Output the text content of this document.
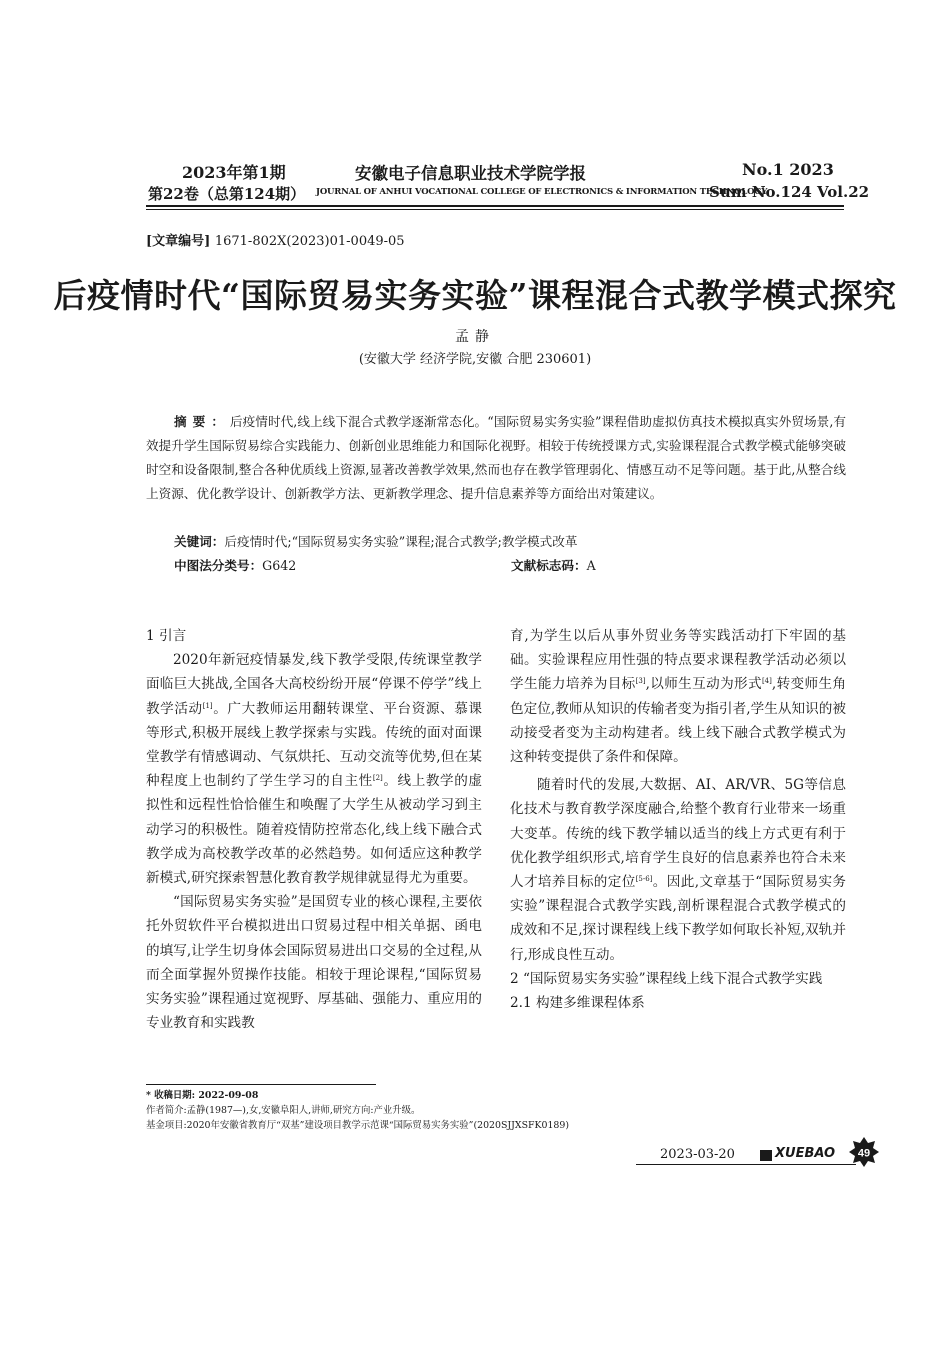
2023年第1期	安徽电子信息职业技术学院学报	No.1 2023
第22卷（总第124期） JOURNAL OF ANHUI VOCATIONAL COLLEGE OF ELECTRONICS & INFORMATION TECHNOLOGY
Sum No.124 Vol.22
[文章编号] 1671-802X(2023)01-0049-05
后疫情时代“国际贸易实务实验”课程混合式教学模式探究
孟静
(安徽大学 经济学院,安徽 合肥 230601)
摘要：后疫情时代,线上线下混合式教学逐渐常态化。“国际贸易实务实验”课程借助虚拟仿真技术模拟真实外贸场景,有效提升学生国际贸易综合实践能力、创新创业思维能力和国际化视野。相较于传统授课方式,实验课程混合式教学模式能够突破时空和设备限制,整合各种优质线上资源,显著改善教学效果,然而也存在教学管理弱化、情感互动不足等问题。基于此,从整合线上资源、优化教学设计、创新教学方法、更新教学理念、提升信息素养等方面给出对策建议。
关键词：后疫情时代;“国际贸易实务实验”课程;混合式教学;教学模式改革
中图法分类号：G642	文献标志码：A

1 引言

2020年新冠疫情暴发,线下教学受限,传统课堂教学面临巨大挑战,全国各大高校纷纷开展“停课不停学”线上教学活动[1]。广大教师运用翻转课堂、平台资源、慕课等形式,积极开展线上教学探索与实践。传统的面对面课堂教学有情感调动、气氛烘托、互动交流等优势,但在某种程度上也制约了学生学习的自主性[2]。线上教学的虚拟性和远程性恰恰催生和唤醒了大学生从被动学习到主动学习的积极性。随着疫情防控常态化,线上线下融合式教学成为高校教学改革的必然趋势。如何适应这种教学新模式,研究探索智慧化教育教学规律就显得尤为重要。

“国际贸易实务实验”是国贸专业的核心课程,主要依托外贸软件平台模拟进出口贸易过程中相关单据、函电的填写,让学生切身体会国际贸易进出口交易的全过程,从而全面掌握外贸操作技能。相较于理论课程,“国际贸易实务实验”课程通过宽视野、厚基础、强能力、重应用的专业教育和实践教

育,为学生以后从事外贸业务等实践活动打下牢固的基础。实验课程应用性强的特点要求课程教学活动必须以学生能力培养为目标[3],以师生互动为形式[4],转变师生角色定位,教师从知识的传输者变为指引者,学生从知识的被动接受者变为主动构建者。线上线下融合式教学模式为这种转变提供了条件和保障。

随着时代的发展,大数据、AI、AR/VR、5G等信息化技术与教育教学深度融合,给整个教育行业带来一场重大变革。传统的线下教学辅以适当的线上方式更有利于优化教学组织形式,培育学生良好的信息素养也符合未来人才培养目标的定位[5-6]。因此,文章基于“国际贸易实务实验”课程混合式教学实践,剖析课程混合式教学模式的成效和不足,探讨课程线上线下教学如何取长补短,双轨并行,形成良性互动。

2 “国际贸易实务实验”课程线上线下混合式教学实践

2.1 构建多维课程体系

* 收稿日期: 2022-09-08
作者简介:孟静(1987—),女,安徽阜阳人,讲师,研究方向:产业升级。
基金项目:2020年安徽省教育厅“双基”建设项目教学示范课“国际贸易实务实验”(2020SJJXSFK0189)
2023-03-20	XUEBAO 49
